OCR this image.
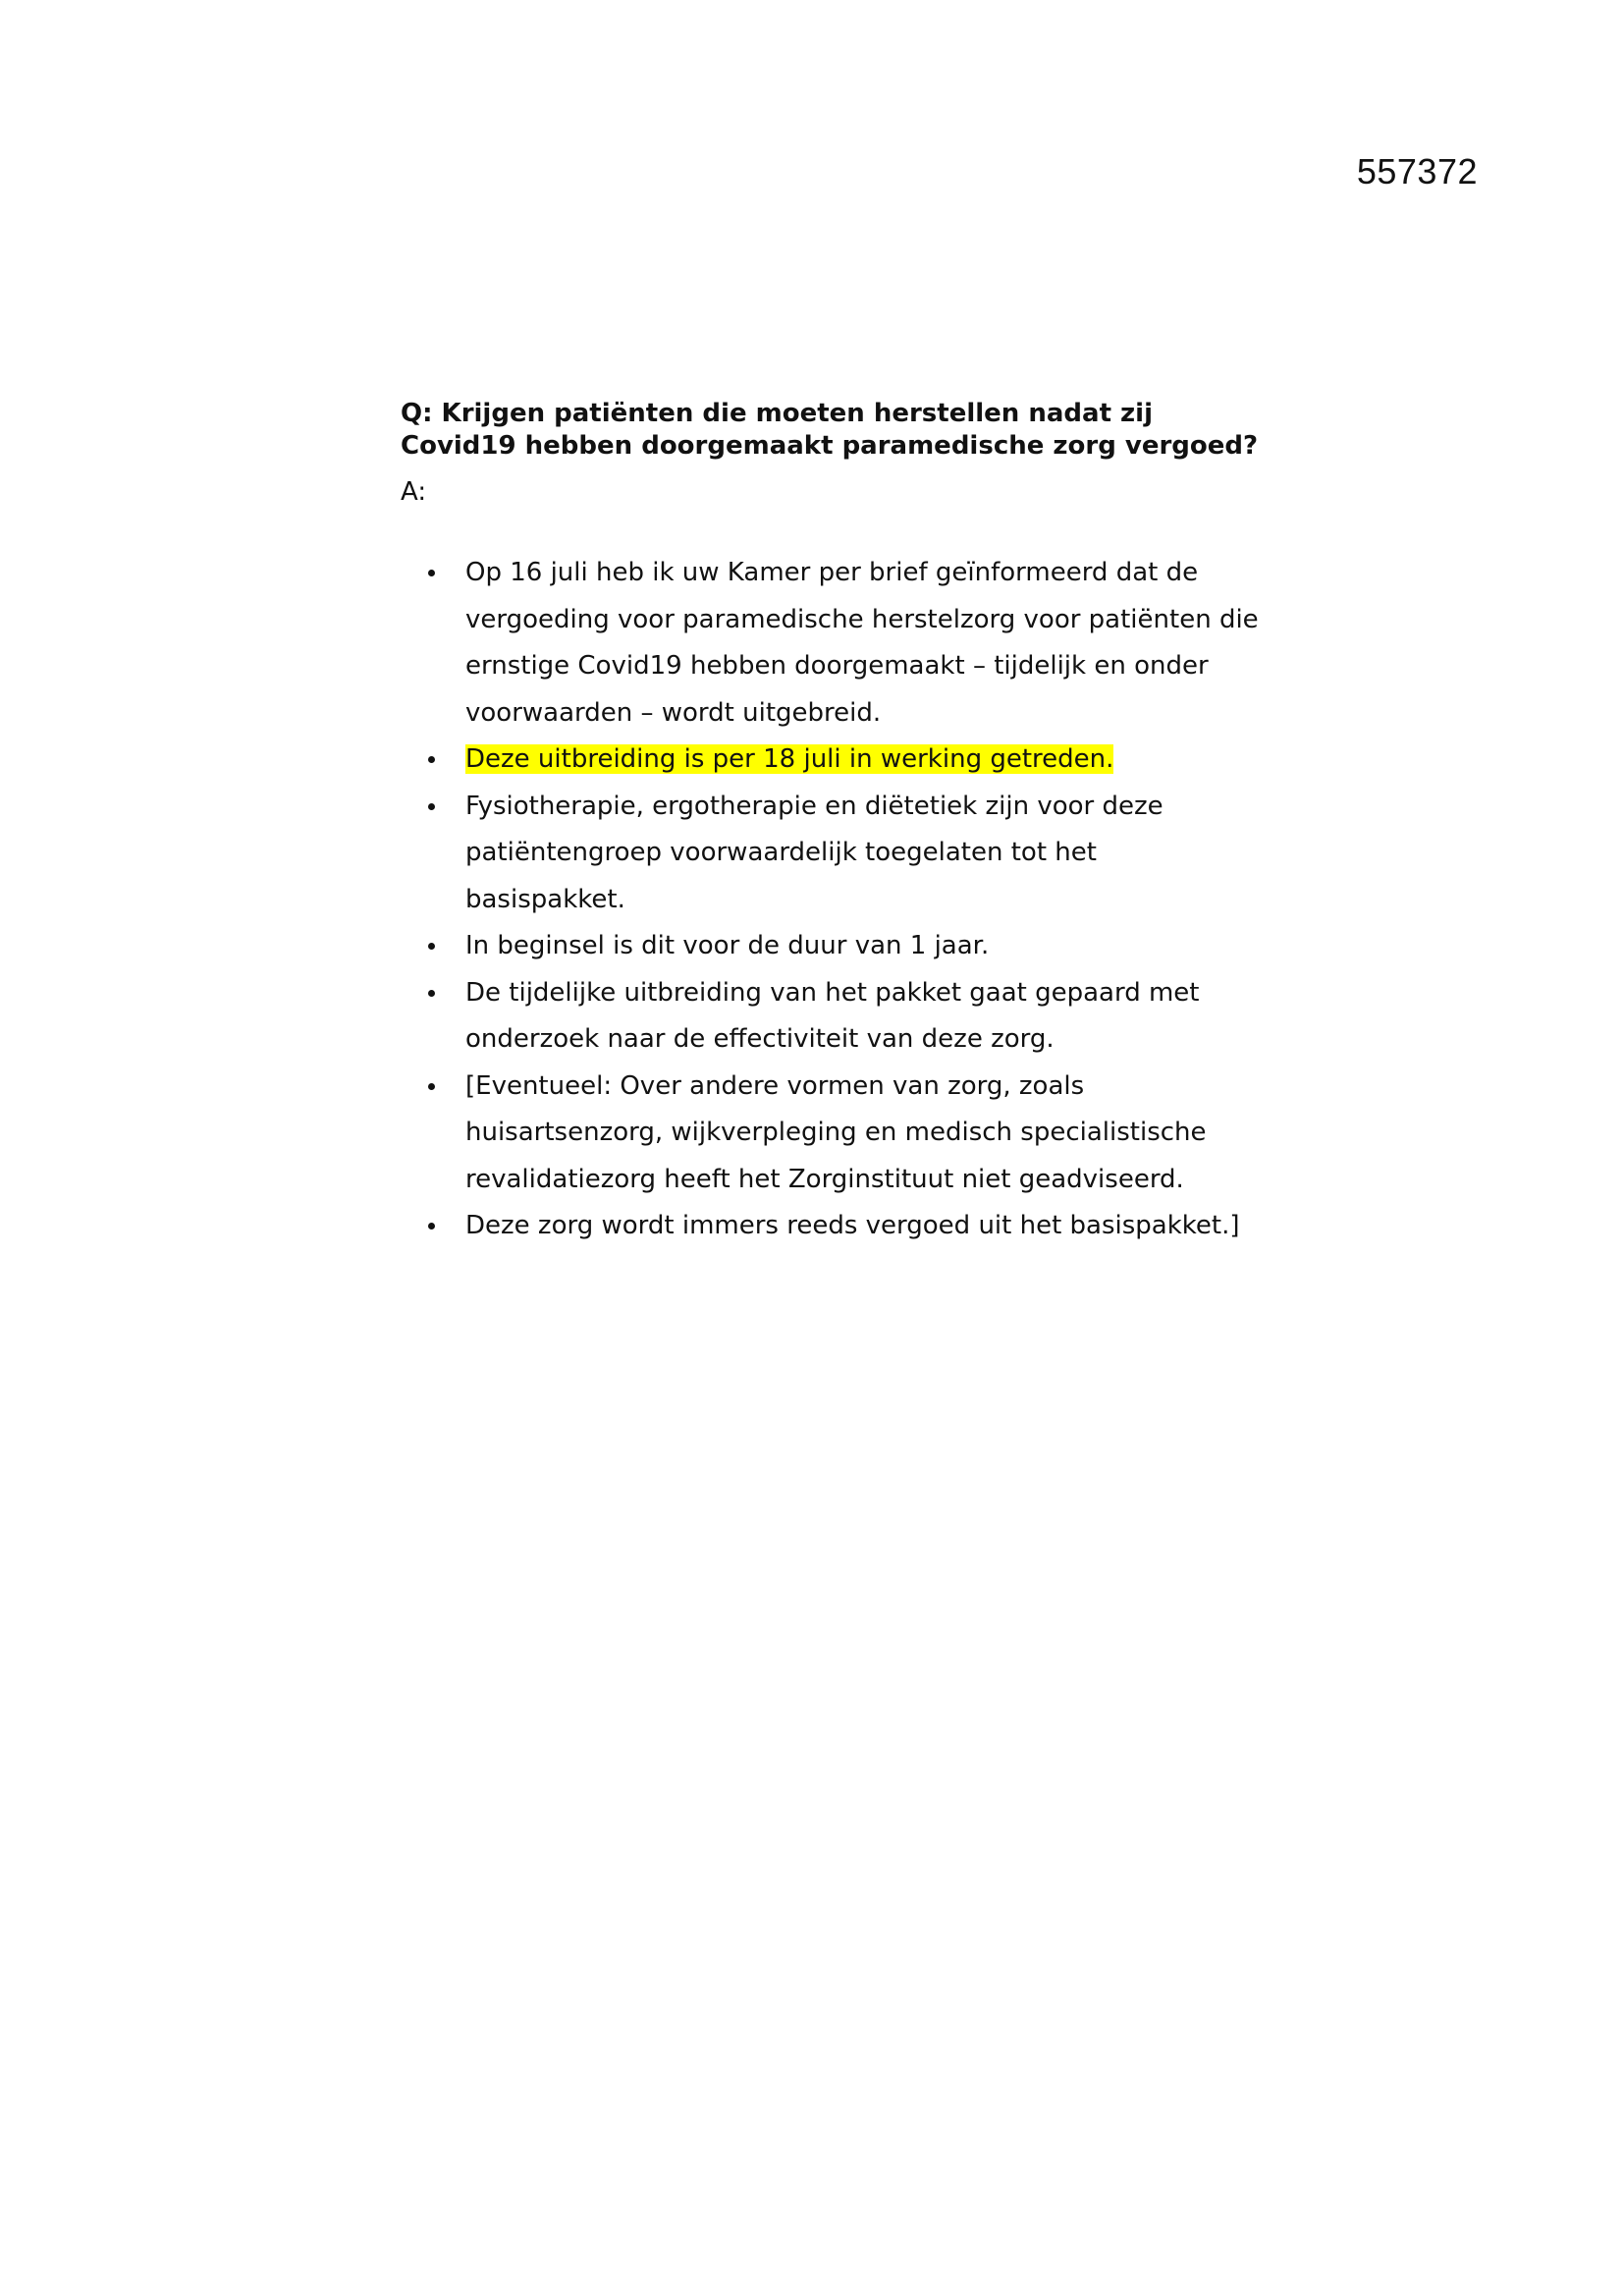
557372

Q: Krijgen patiënten die moeten herstellen nadat zij Covid19 hebben doorgemaakt paramedische zorg vergoed?

A:

Op 16 juli heb ik uw Kamer per brief geïnformeerd dat de vergoeding voor paramedische herstelzorg voor patiënten die ernstige Covid19 hebben doorgemaakt – tijdelijk en onder voorwaarden – wordt uitgebreid.
Deze uitbreiding is per 18 juli in werking getreden.
Fysiotherapie, ergotherapie en diëtetiek zijn voor deze patiëntengroep voorwaardelijk toegelaten tot het basispakket.
In beginsel is dit voor de duur van 1 jaar.
De tijdelijke uitbreiding van het pakket gaat gepaard met onderzoek naar de effectiviteit van deze zorg.
[Eventueel: Over andere vormen van zorg, zoals huisartsenzorg, wijkverpleging en medisch specialistische revalidatiezorg heeft het Zorginstituut niet geadviseerd.
Deze zorg wordt immers reeds vergoed uit het basispakket.]
